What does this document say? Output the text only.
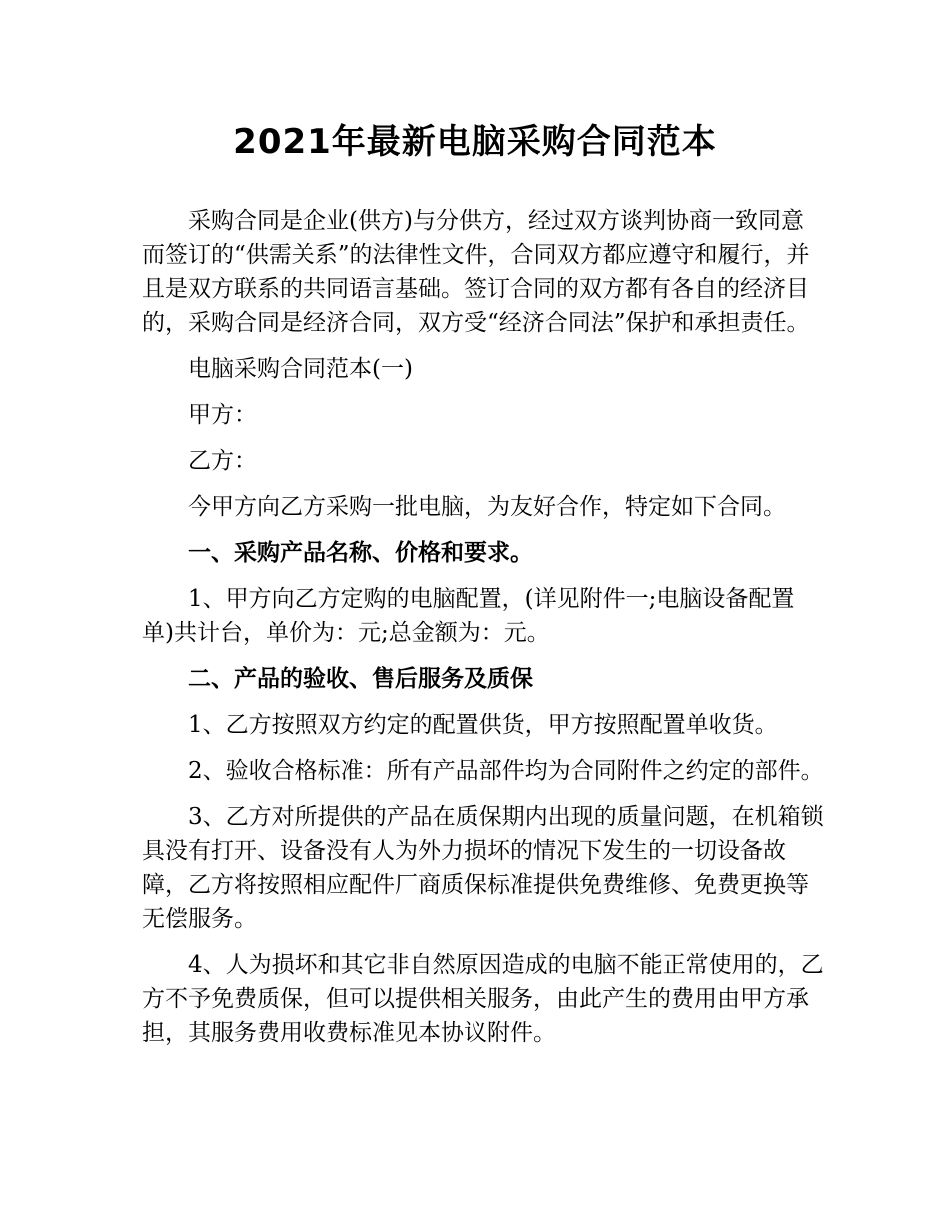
2021年最新电脑采购合同范本

采购合同是企业(供方)与分供方，经过双方谈判协商一致同意而签订的“供需关系”的法律性文件，合同双方都应遵守和履行，并且是双方联系的共同语言基础。签订合同的双方都有各自的经济目的，采购合同是经济合同，双方受“经济合同法”保护和承担责任。

电脑采购合同范本(一)

甲方：

乙方：

今甲方向乙方采购一批电脑，为友好合作，特定如下合同。

一、采购产品名称、价格和要求。

1、甲方向乙方定购的电脑配置，(详见附件一;电脑设备配置单)共计台，单价为：元;总金额为：元。

二、产品的验收、售后服务及质保

1、乙方按照双方约定的配置供货，甲方按照配置单收货。

2、验收合格标准：所有产品部件均为合同附件之约定的部件。

3、乙方对所提供的产品在质保期内出现的质量问题，在机箱锁具没有打开、设备没有人为外力损坏的情况下发生的一切设备故障，乙方将按照相应配件厂商质保标准提供免费维修、免费更换等无偿服务。

4、人为损坏和其它非自然原因造成的电脑不能正常使用的，乙方不予免费质保，但可以提供相关服务，由此产生的费用由甲方承担，其服务费用收费标准见本协议附件。
